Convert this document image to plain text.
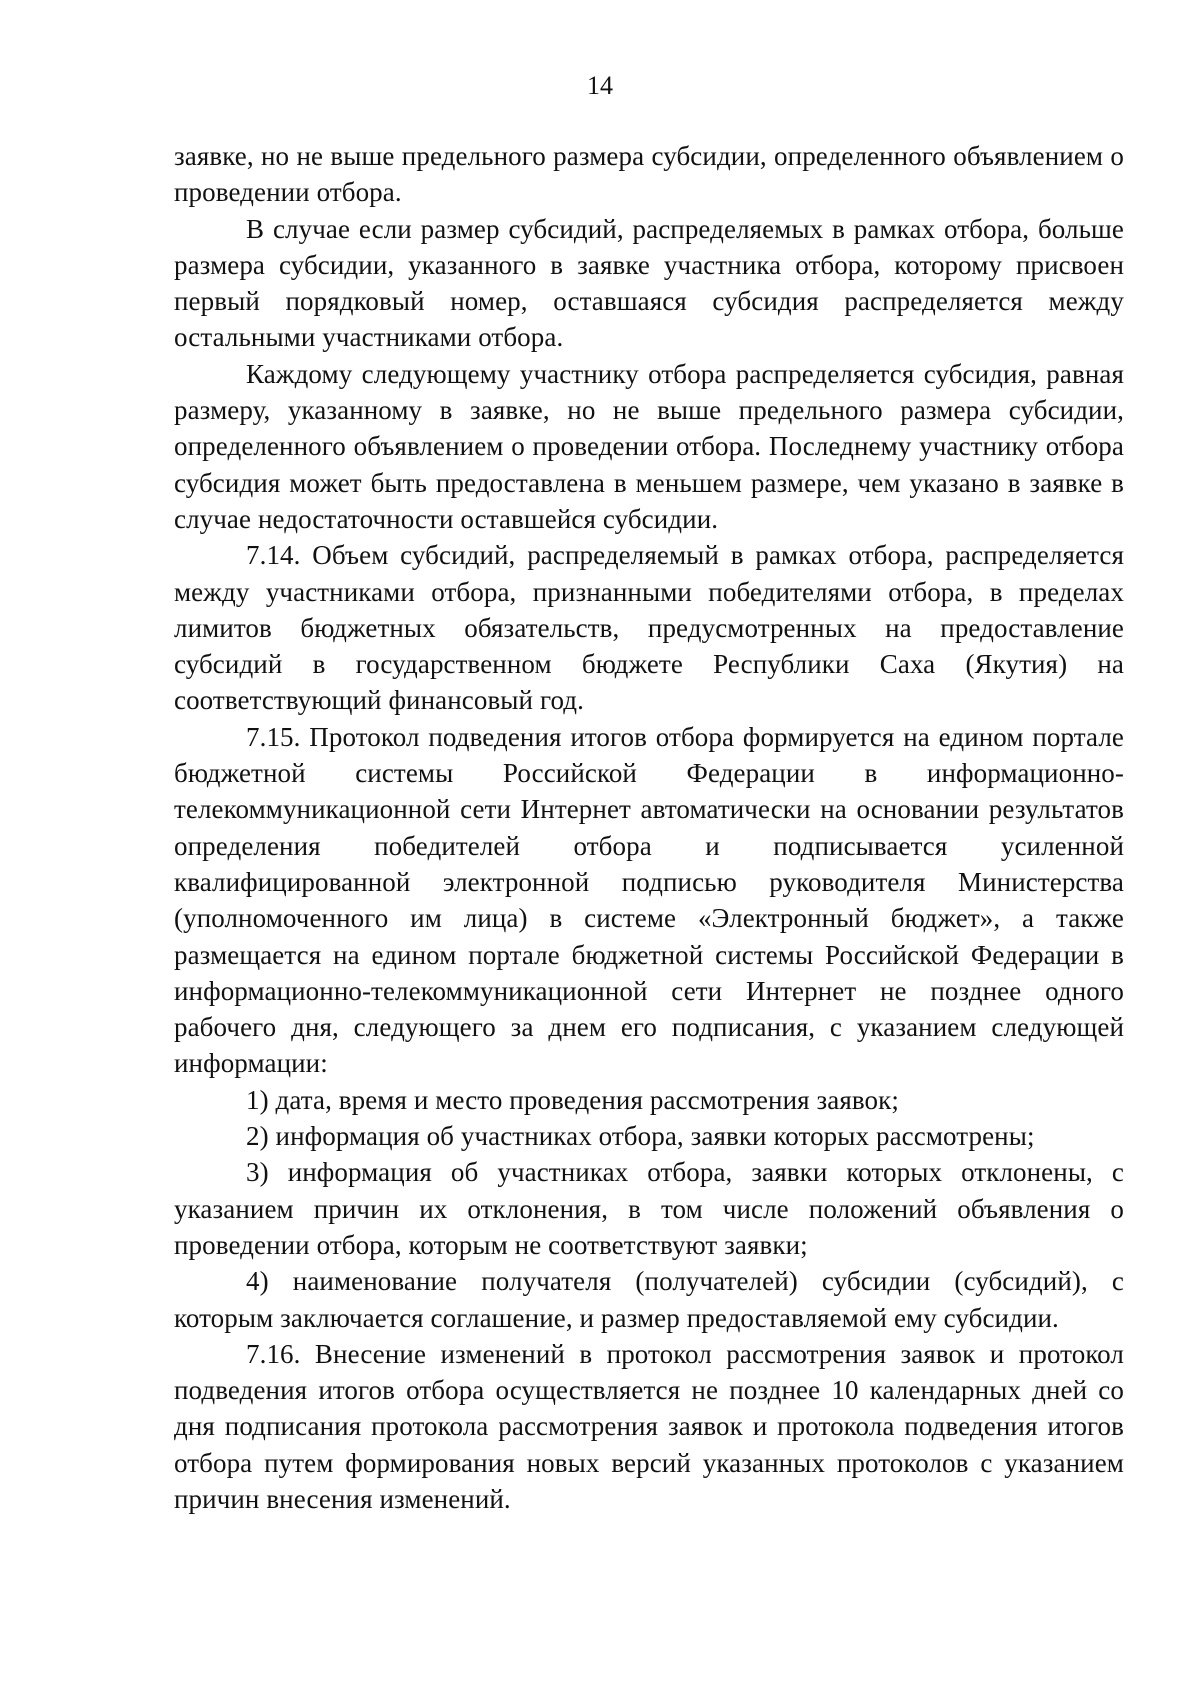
14

заявке, но не выше предельного размера субсидии, определенного объявлением о проведении отбора.

В случае если размер субсидий, распределяемых в рамках отбора, больше размера субсидии, указанного в заявке участника отбора, которому присвоен первый порядковый номер, оставшаяся субсидия распределяется между остальными участниками отбора.

Каждому следующему участнику отбора распределяется субсидия, равная размеру, указанному в заявке, но не выше предельного размера субсидии, определенного объявлением о проведении отбора. Последнему участнику отбора субсидия может быть предоставлена в меньшем размере, чем указано в заявке в случае недостаточности оставшейся субсидии.

7.14. Объем субсидий, распределяемый в рамках отбора, распределяется между участниками отбора, признанными победителями отбора, в пределах лимитов бюджетных обязательств, предусмотренных на предоставление субсидий в государственном бюджете Республики Саха (Якутия) на соответствующий финансовый год.

7.15. Протокол подведения итогов отбора формируется на едином портале бюджетной системы Российской Федерации в информационно-телекоммуникационной сети Интернет автоматически на основании результатов определения победителей отбора и подписывается усиленной квалифицированной электронной подписью руководителя Министерства (уполномоченного им лица) в системе «Электронный бюджет», а также размещается на едином портале бюджетной системы Российской Федерации в информационно-телекоммуникационной сети Интернет не позднее одного рабочего дня, следующего за днем его подписания, с указанием следующей информации:

1) дата, время и место проведения рассмотрения заявок;

2) информация об участниках отбора, заявки которых рассмотрены;

3) информация об участниках отбора, заявки которых отклонены, с указанием причин их отклонения, в том числе положений объявления о проведении отбора, которым не соответствуют заявки;

4) наименование получателя (получателей) субсидии (субсидий), с которым заключается соглашение, и размер предоставляемой ему субсидии.

7.16. Внесение изменений в протокол рассмотрения заявок и протокол подведения итогов отбора осуществляется не позднее 10 календарных дней со дня подписания протокола рассмотрения заявок и протокола подведения итогов отбора путем формирования новых версий указанных протоколов с указанием причин внесения изменений.
